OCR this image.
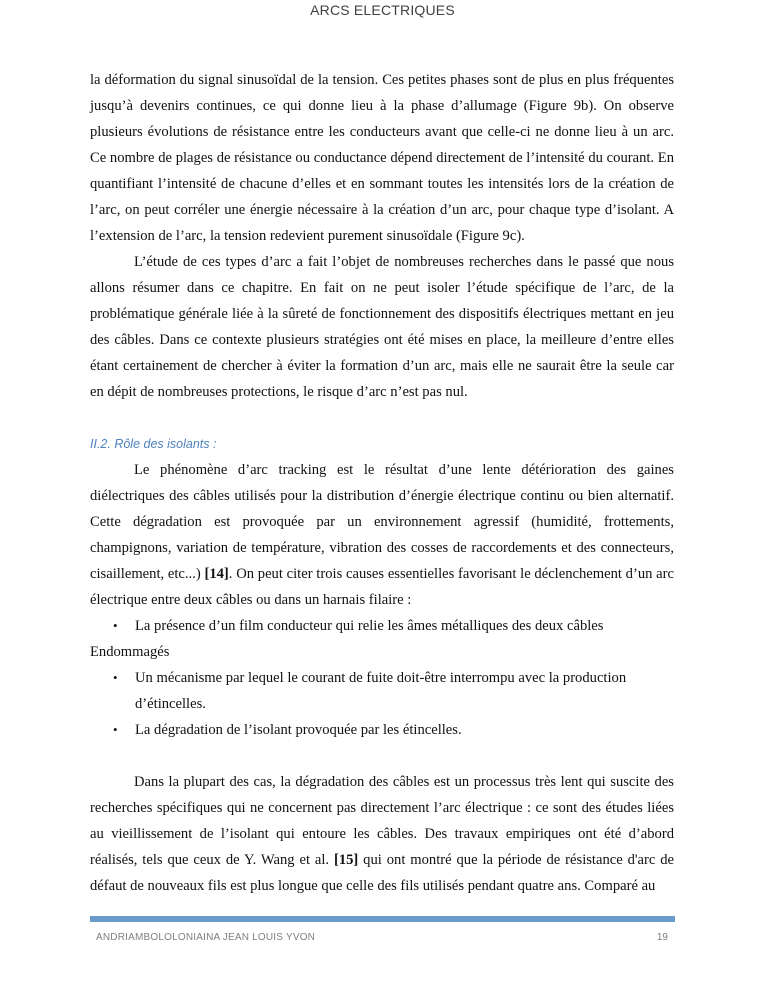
ARCS ELECTRIQUES

la déformation du signal sinusoïdal de la tension. Ces petites phases sont de plus en plus fréquentes jusqu’à devenirs continues, ce qui donne lieu à la phase d’allumage (Figure 9b). On observe plusieurs évolutions de résistance entre les conducteurs avant que celle-ci ne donne lieu à un arc. Ce nombre de plages de résistance ou conductance dépend directement de l’intensité du courant. En quantifiant l’intensité de chacune d’elles et en sommant toutes les intensités lors de la création de l’arc, on peut corréler une énergie nécessaire à la création d’un arc, pour chaque type d’isolant. A l’extension de l’arc, la tension redevient purement sinusoïdale (Figure 9c).

L’étude de ces types d’arc a fait l’objet de nombreuses recherches dans le passé que nous allons résumer dans ce chapitre. En fait on ne peut isoler l’étude spécifique de l’arc, de la problématique générale liée à la sûreté de fonctionnement des dispositifs électriques mettant en jeu des câbles. Dans ce contexte plusieurs stratégies ont été mises en place, la meilleure d’entre elles étant certainement de chercher à éviter la formation d’un arc, mais elle ne saurait être la seule car en dépit de nombreuses protections, le risque d’arc n’est pas nul.

II.2. Rôle des isolants :

Le phénomène d’arc tracking est le résultat d’une lente détérioration des gaines diélectriques des câbles utilisés pour la distribution d’énergie électrique continu ou bien alternatif. Cette dégradation est provoquée par un environnement agressif (humidité, frottements, champignons, variation de température, vibration des cosses de raccordements et des connecteurs, cisaillement, etc...) [14]. On peut citer trois causes essentielles favorisant le déclenchement d’un arc électrique entre deux câbles ou dans un harnais filaire :

• La présence d’un film conducteur qui relie les âmes métalliques des deux câbles

Endommagés

• Un mécanisme par lequel le courant de fuite doit-être interrompu avec la production d’étincelles.

• La dégradation de l’isolant provoquée par les étincelles.

Dans la plupart des cas, la dégradation des câbles est un processus très lent qui suscite des recherches spécifiques qui ne concernent pas directement l’arc électrique : ce sont des études liées au vieillissement de l’isolant qui entoure les câbles. Des travaux empiriques ont été d’abord réalisés, tels que ceux de Y. Wang et al. [15] qui ont montré que la période de résistance d'arc de défaut de nouveaux fils est plus longue que celle des fils utilisés pendant quatre ans. Comparé au

ANDRIAMBOLOLONIAINA JEAN LOUIS YVON	19
